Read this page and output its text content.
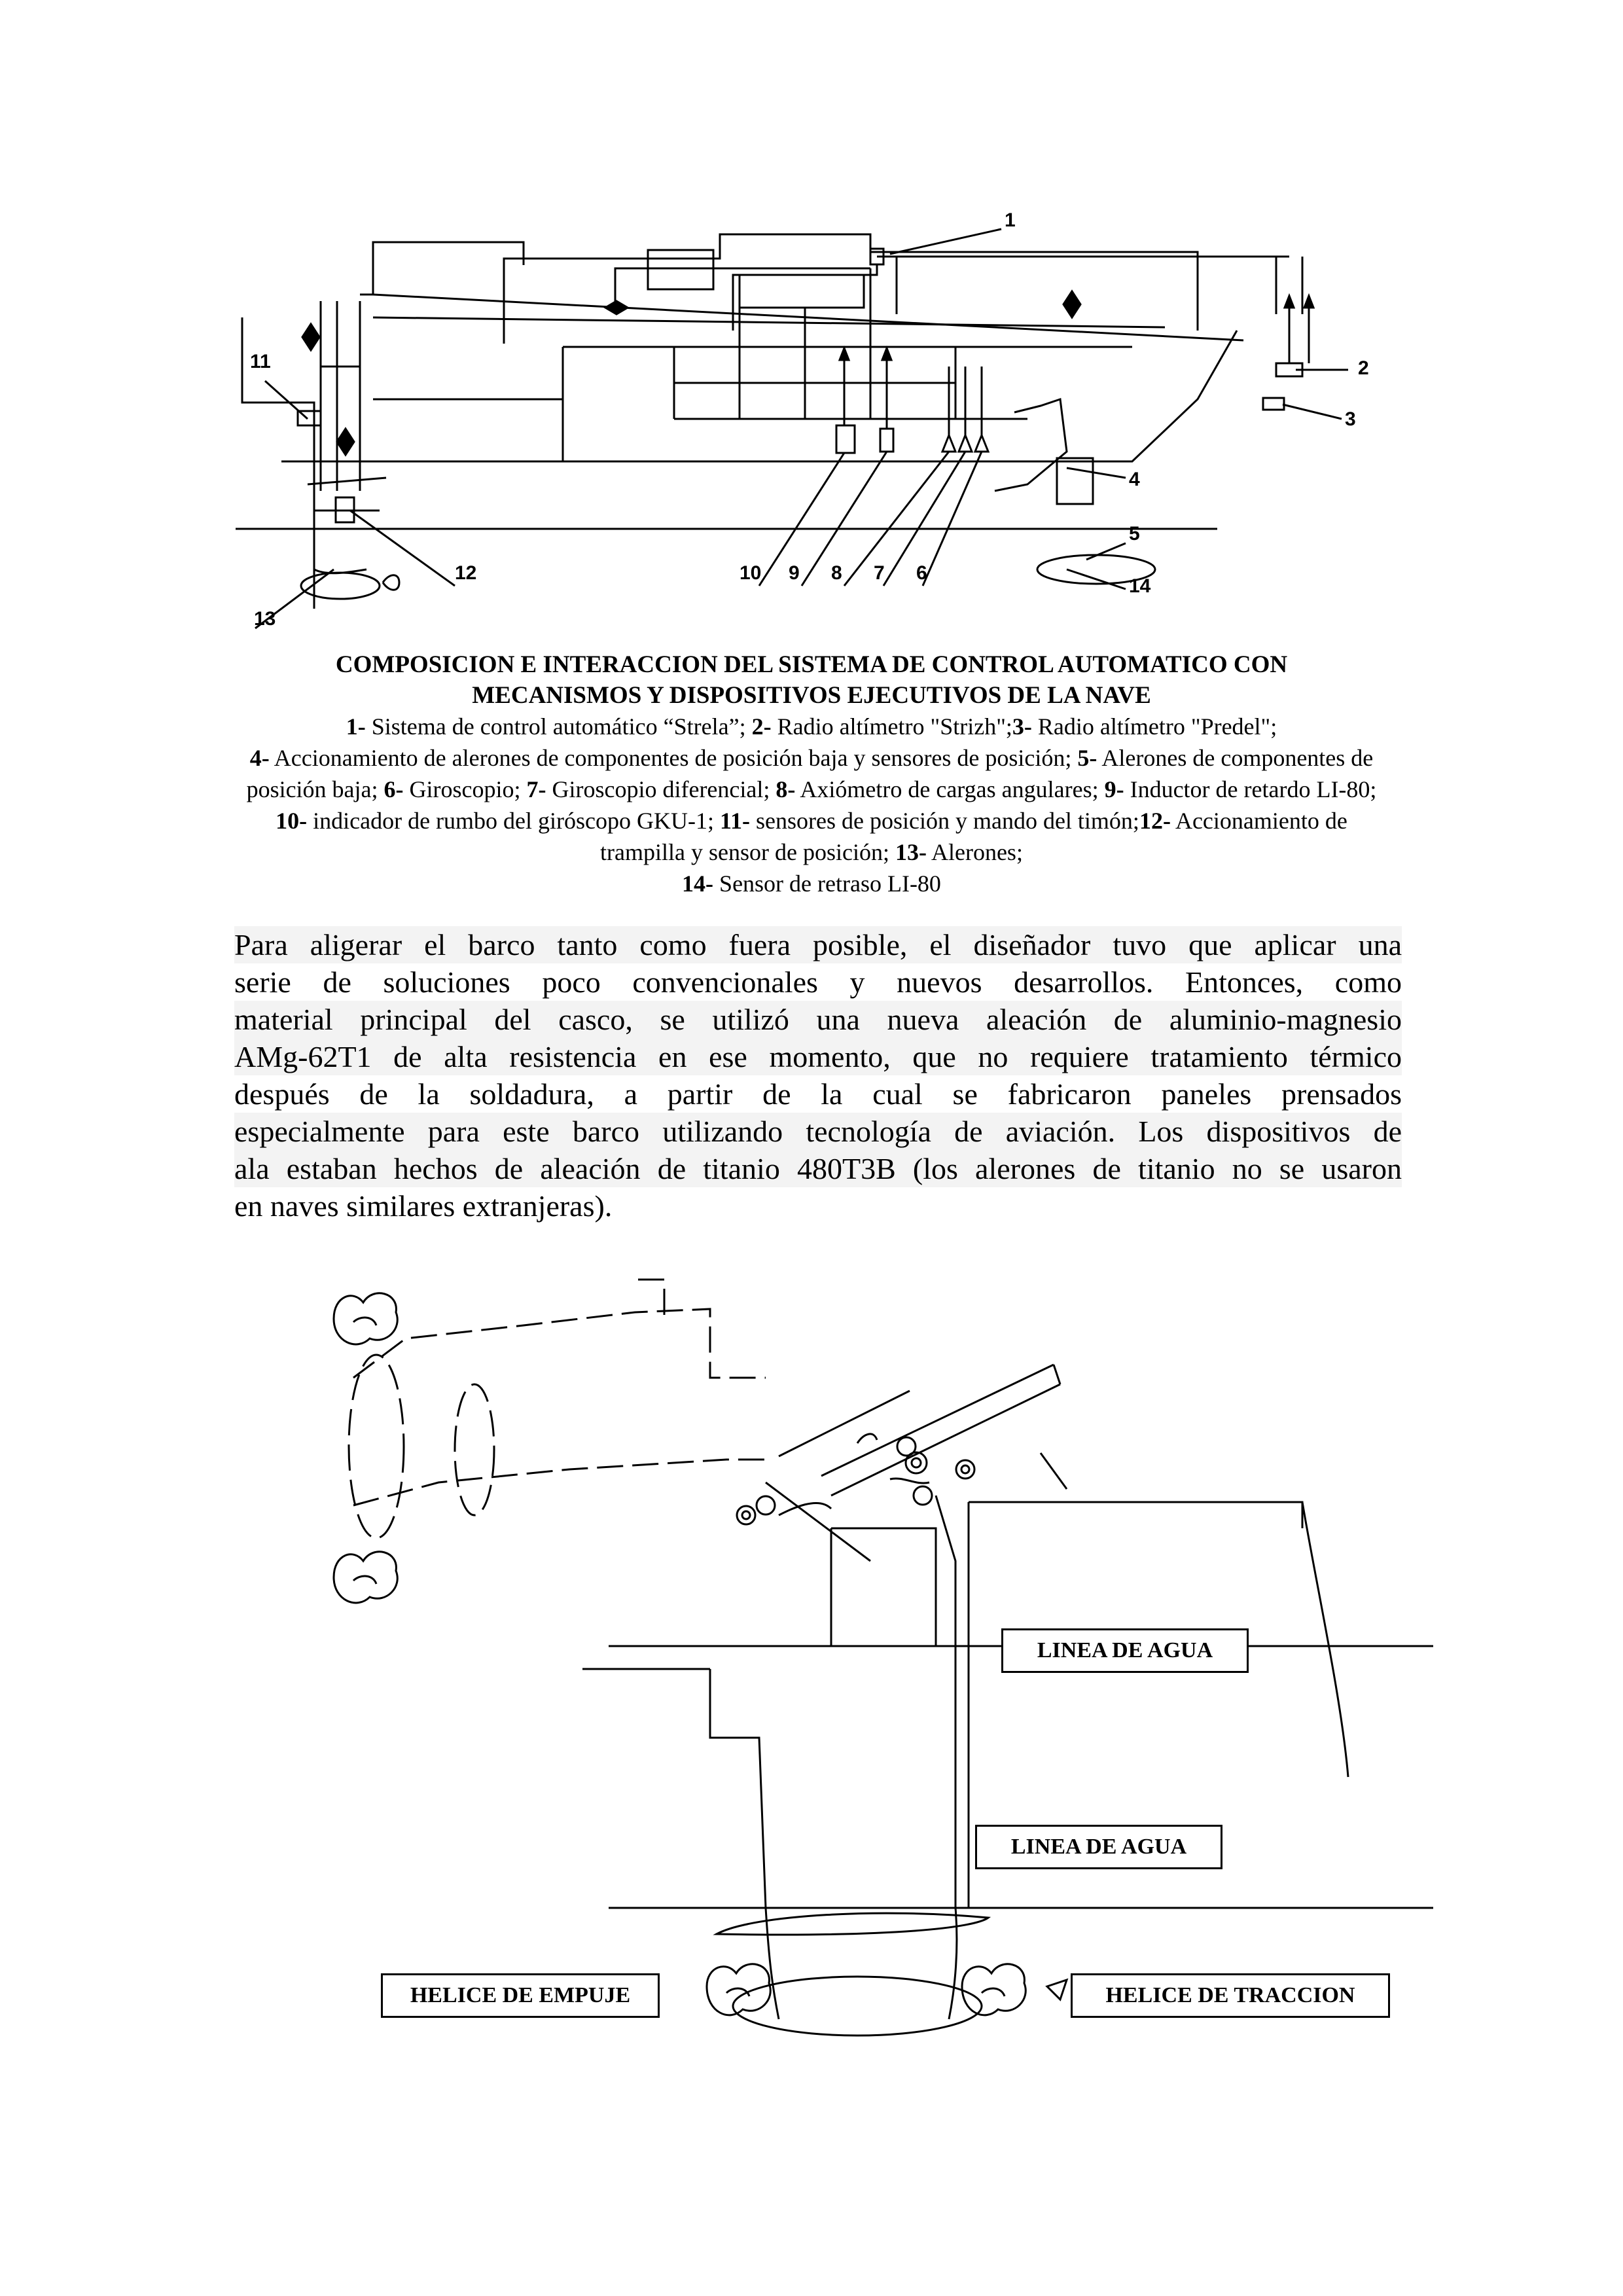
1
2
3
4
5
6
7
8
9
10
11
12
13
14
COMPOSICION E INTERACCION DEL SISTEMA DE CONTROL AUTOMATICO CON
MECANISMOS Y DISPOSITIVOS EJECUTIVOS DE LA NAVE
1- Sistema de control automático “Strela”; 2- Radio altímetro "Strizh";3- Radio altímetro "Predel";
4- Accionamiento de alerones de componentes de posición baja y sensores de posición; 5- Alerones de componentes de posición baja; 6- Giroscopio; 7- Giroscopio diferencial; 8- Axiómetro de cargas angulares; 9- Inductor de retardo LI-80; 10- indicador de rumbo del giróscopo GKU-1; 11- sensores de posición y mando del timón;12- Accionamiento de trampilla y sensor de posición; 13- Alerones;
14- Sensor de retraso LI-80
Para aligerar el barco tanto como fuera posible, el diseñador tuvo que aplicar una
serie de soluciones poco convencionales y nuevos desarrollos. Entonces, como
material principal del casco, se utilizó una nueva aleación de aluminio-magnesio
AMg-62T1 de alta resistencia en ese momento, que no requiere tratamiento térmico
después de la soldadura, a partir de la cual se fabricaron paneles prensados
especialmente para este barco utilizando tecnología de aviación. Los dispositivos de
ala estaban hechos de aleación de titanio 480T3B (los alerones de titanio no se usaron
en naves similares extranjeras).
LINEA DE AGUA
LINEA DE AGUA
HELICE DE EMPUJE	HELICE DE TRACCION
